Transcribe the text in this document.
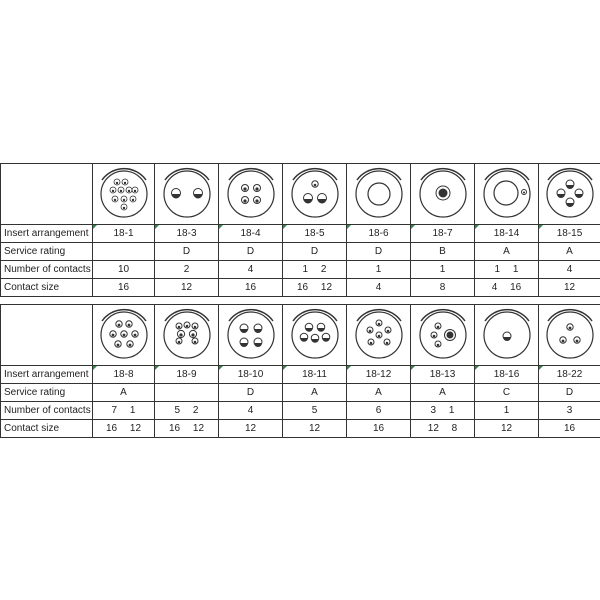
Insert arrangement	18-1	18-3	18-4	18-5	18-6	18-7	18-14	18-15
Service rating		D	D	D	D	B	A	A
Number of contacts	10	2	4	1 2	1	1	1 1	4
Contact size	16	12	16	16 12	4	8	4 16	12

Insert arrangement	18-8	18-9	18-10	18-11	18-12	18-13	18-16	18-22
Service rating	A		D	A	A	A	C	D
Number of contacts	7 1	5 2	4	5	6	3 1	1	3
Contact size	16 12	16 12	12	12	16	12 8	12	16
